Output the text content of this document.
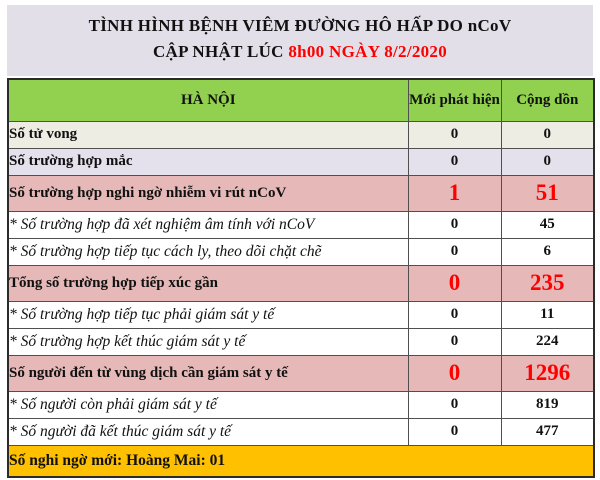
TÌNH HÌNH BỆNH VIÊM ĐƯỜNG HÔ HẤP DO nCoV
CẬP NHẬT LÚC 8h00 NGÀY 8/2/2020
HÀ NỘI	Mới phát hiện	Cộng dồn
Số tử vong	0	0
Số trường hợp mắc	0	0
Số trường hợp nghi ngờ nhiễm vi rút nCoV	1	51
* Số trường hợp đã xét nghiệm âm tính với nCoV	0	45
* Số trường hợp tiếp tục cách ly, theo dõi chặt chẽ	0	6
Tổng số trường hợp tiếp xúc gần	0	235
* Số trường hợp tiếp tục phải giám sát y tế	0	11
* Số trường hợp kết thúc giám sát y tế	0	224
Số người đến từ vùng dịch cần giám sát y tế	0	1296
* Số người còn phải giám sát y tế	0	819
* Số người đã kết thúc giám sát y tế	0	477
Số nghi ngờ mới: Hoàng Mai: 01		
